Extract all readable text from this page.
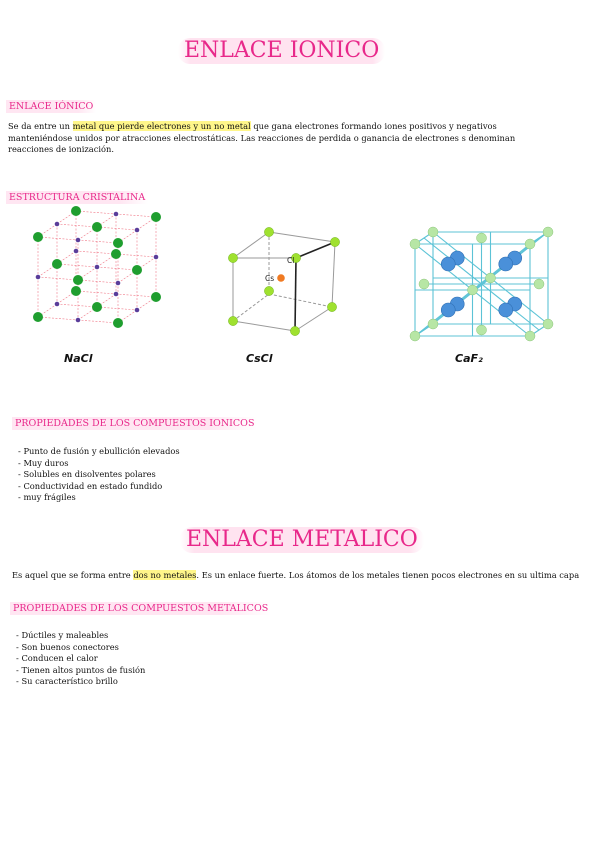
ENLACE IONICO
ENLACE IÓNICO
Se da entre un metal que pierde electrones y un no metal que gana electrones formando iones positivos y negativos
manteniéndose unidos por atracciones electrostáticas. Las reacciones de perdida o ganancia de electrones s denominan
reacciones de ionización.
ESTRUCTURA CRISTALINA
NaCl
Cs
Cl
CsCl	CaF₂
PROPIEDADES DE LOS COMPUESTOS IONICOS
- Punto de fusión y ebullición elevados
- Muy duros
- Solubles en disolventes polares
- Conductividad en estado fundido
- muy frágiles
ENLACE METALICO
Es aquel que se forma entre dos no metales. Es un enlace fuerte. Los átomos de los metales tienen pocos electrones en su ultima capa
PROPIEDADES DE LOS COMPUESTOS METALICOS
- Dúctiles y maleables
- Son buenos conectores
- Conducen el calor
- Tienen altos puntos de fusión
- Su característico brillo
